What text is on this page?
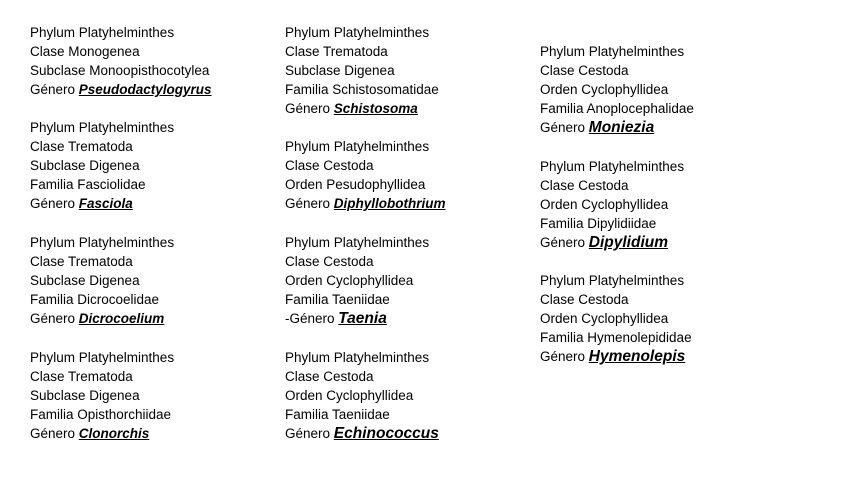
Phylum Platyhelminthes
Clase Monogenea
Subclase Monoopisthocotylea
Género Pseudodactylogyrus
Phylum Platyhelminthes
Clase Trematoda
Subclase Digenea
Familia Fasciolidae
Género Fasciola
Phylum Platyhelminthes
Clase Trematoda
Subclase Digenea
Familia Dicrocoelidae
Género Dicrocoelium
Phylum Platyhelminthes
Clase Trematoda
Subclase Digenea
Familia Opisthorchiidae
Género Clonorchis
Phylum Platyhelminthes
Clase Trematoda
Subclase Digenea
Familia Schistosomatidae
Género Schistosoma
Phylum Platyhelminthes
Clase Cestoda
Orden Pesudophyllidea
Género Diphyllobothrium
Phylum Platyhelminthes
Clase Cestoda
Orden Cyclophyllidea
Familia Taeniidae
-Género Taenia
Phylum Platyhelminthes
Clase Cestoda
Orden Cyclophyllidea
Familia Taeniidae
Género Echinococcus
Phylum Platyhelminthes
Clase Cestoda
Orden Cyclophyllidea
Familia Anoplocephalidae
Género Moniezia
Phylum Platyhelminthes
Clase Cestoda
Orden Cyclophyllidea
Familia Dipylidiidae
Género Dipylidium
Phylum Platyhelminthes
Clase Cestoda
Orden Cyclophyllidea
Familia Hymenolepididae
Género Hymenolepis
